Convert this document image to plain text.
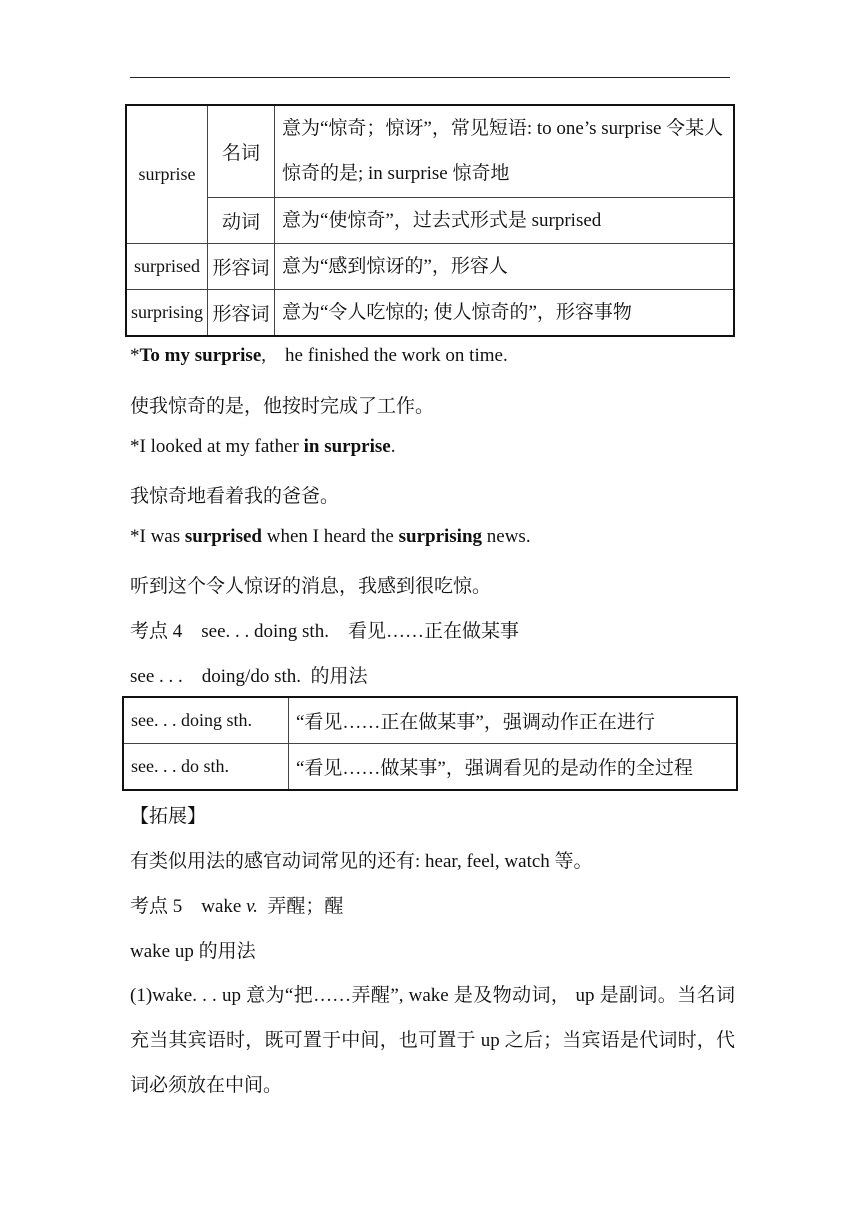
surprise	名词	意为“惊奇；惊讶”，常见短语: to one’s surprise 令某人惊奇的是; in surprise 惊奇地
	动词	意为“使惊奇”，过去式形式是 surprised
surprised	形容词	意为“感到惊讶的”，形容人
surprising	形容词	意为“令人吃惊的; 使人惊奇的”，形容事物
*To my surprise,    he finished the work on time.
使我惊奇的是，他按时完成了工作。
*I looked at my father in surprise.
我惊奇地看着我的爸爸。
*I was surprised when I heard the surprising news.
听到这个令人惊讶的消息，我感到很吃惊。
考点 4    see. . . doing sth.    看见……正在做某事
see . . .    doing/do sth.  的用法
see. . . doing sth.	“看见……正在做某事”，强调动作正在进行
see. . . do sth.	“看见……做某事”，强调看见的是动作的全过程
【拓展】
有类似用法的感官动词常见的还有: hear, feel, watch 等。
考点 5    wake v.  弄醒；醒
wake up 的用法
(1)wake. . . up 意为“把……弄醒”, wake 是及物动词， up 是副词。当名词充当其宾语时，既可置于中间，也可置于 up 之后；当宾语是代词时，代词必须放在中间。
